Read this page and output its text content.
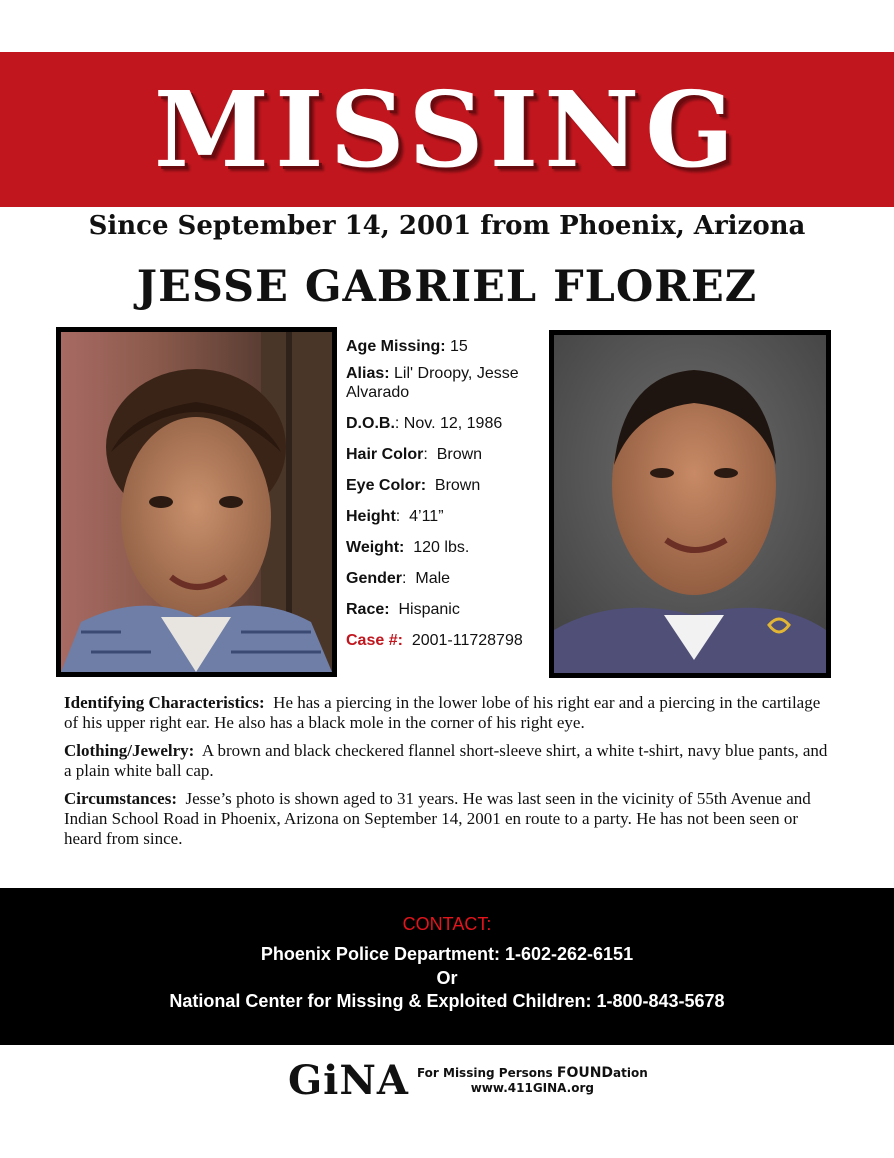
MISSING
Since September 14, 2001 from Phoenix, Arizona
JESSE GABRIEL FLOREZ
Age Missing: 15
Alias: Lil' Droopy, Jesse Alvarado
D.O.B.: Nov. 12, 1986
Hair Color: Brown
Eye Color: Brown
Height: 4’11”
Weight: 120 lbs.
Gender: Male
Race: Hispanic
Case #: 2001-11728798

Identifying Characteristics: He has a piercing in the lower lobe of his right ear and a piercing in the cartilage of his upper right ear. He also has a black mole in the corner of his right eye.

Clothing/Jewelry: A brown and black checkered flannel short-sleeve shirt, a white t-shirt, navy blue pants, and a plain white ball cap.

Circumstances: Jesse’s photo is shown aged to 31 years. He was last seen in the vicinity of 55th Avenue and Indian School Road in Phoenix, Arizona on September 14, 2001 en route to a party. He has not been seen or heard from since.

CONTACT:
Phoenix Police Department: 1-602-262-6151
Or
National Center for Missing & Exploited Children: 1-800-843-5678
GiNA For Missing Persons FOUNDation
www.411GINA.org
